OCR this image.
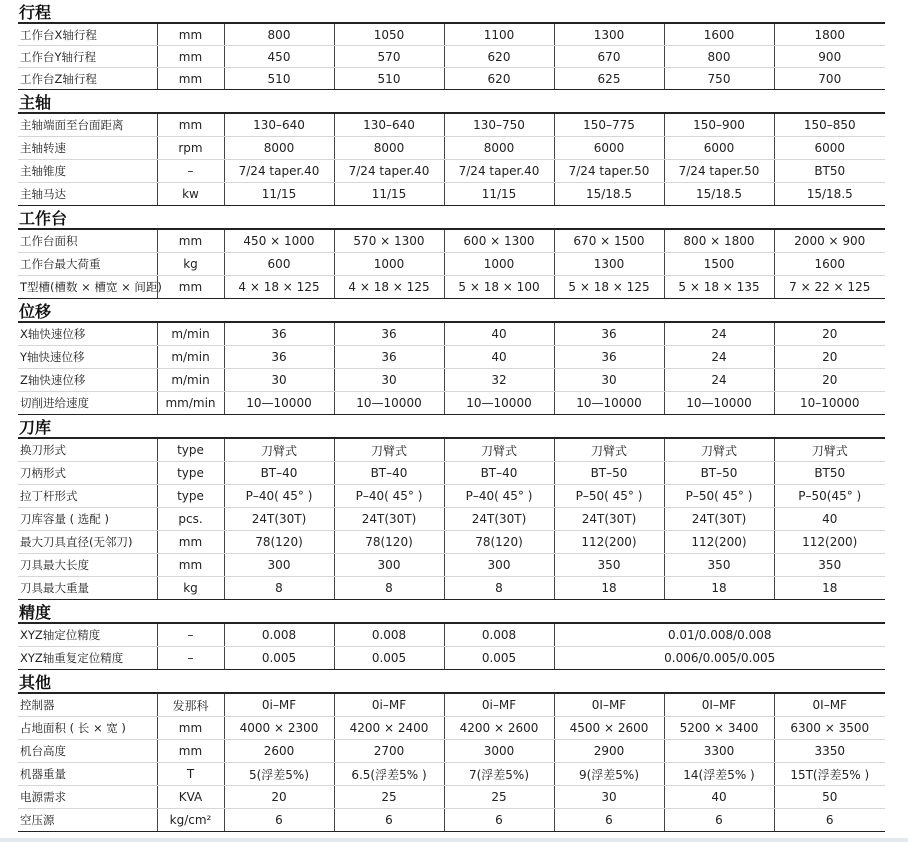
行程
工作台X轴行程	mm	800	1050	1100	1300	1600	1800
工作台Y轴行程	mm	450	570	620	670	800	900
工作台Z轴行程	mm	510	510	620	625	750	700
主轴
主轴端面至台面距离	mm	130–640	130–640	130–750	150–775	150–900	150–850
主轴转速	rpm	8000	8000	8000	6000	6000	6000
主轴锥度	–	7/24 taper.40	7/24 taper.40	7/24 taper.40	7/24 taper.50	7/24 taper.50	BT50
主轴马达	kw	11/15	11/15	11/15	15/18.5	15/18.5	15/18.5
工作台
工作台面积	mm	450 × 1000	570 × 1300	600 × 1300	670 × 1500	800 × 1800	2000 × 900
工作台最大荷重	kg	600	1000	1000	1300	1500	1600
T型槽(槽数 × 槽宽 × 间距)	mm	4 × 18 × 125	4 × 18 × 125	5 × 18 × 100	5 × 18 × 125	5 × 18 × 135	7 × 22 × 125
位移
X轴快速位移	m/min	36	36	40	36	24	20
Y轴快速位移	m/min	36	36	40	36	24	20
Z轴快速位移	m/min	30	30	32	30	24	20
切削进给速度	mm/min	10—10000	10—10000	10—10000	10—10000	10—10000	10–10000
刀库
换刀形式	type	刀臂式	刀臂式	刀臂式	刀臂式	刀臂式	刀臂式
刀柄形式	type	BT–40	BT–40	BT–40	BT–50	BT–50	BT50
拉丁杆形式	type	P–40( 45° )	P–40( 45° )	P–40( 45° )	P–50( 45° )	P–50( 45° )	P–50(45° )
刀库容量 ( 选配 )	pcs.	24T(30T)	24T(30T)	24T(30T)	24T(30T)	24T(30T)	40
最大刀具直径(无邻刀)	mm	78(120)	78(120)	78(120)	112(200)	112(200)	112(200)
刀具最大长度	mm	300	300	300	350	350	350
刀具最大重量	kg	8	8	8	18	18	18
精度
XYZ轴定位精度	–	0.008	0.008	0.008	0.01/0.008/0.008
XYZ轴重复定位精度	–	0.005	0.005	0.005	0.006/0.005/0.005
其他
控制器	发那科	0i–MF	0i–MF	0i–MF	0I–MF	0I–MF	0I–MF
占地面积 ( 长 × 宽 )	mm	4000 × 2300	4200 × 2400	4200 × 2600	4500 × 2600	5200 × 3400	6300 × 3500
机台高度	mm	2600	2700	3000	2900	3300	3350
机器重量	T	5(浮差5%)	6.5(浮差5% )	7(浮差5%)	9(浮差5%)	14(浮差5% )	15T(浮差5% )
电源需求	KVA	20	25	25	30	40	50
空压源	kg/cm²	6	6	6	6	6	6
